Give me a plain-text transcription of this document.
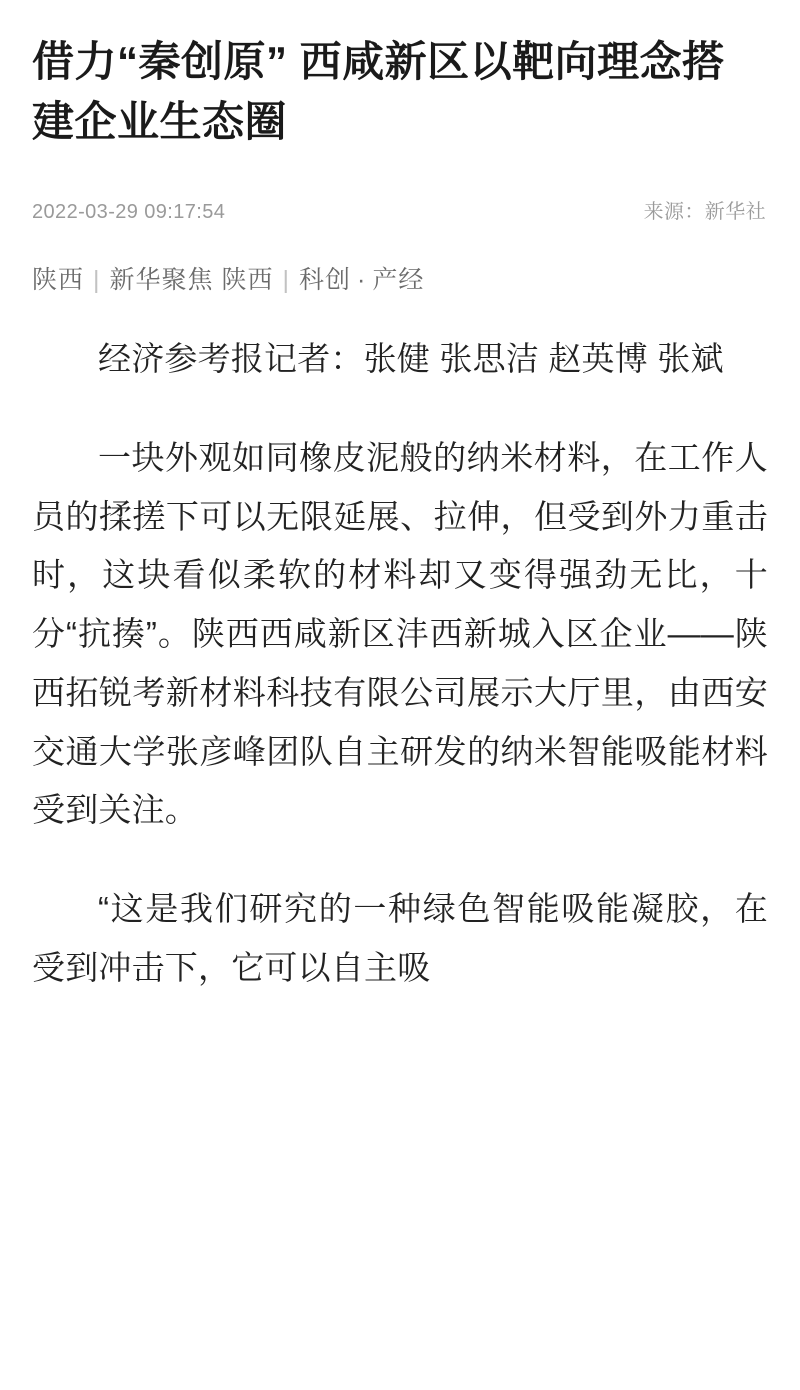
借力“秦创原” 西咸新区以靶向理念搭建企业生态圈
2022-03-29 09:17:54	来源：新华社
陕西 | 新华聚焦 陕西 | 科创 · 产经

经济参考报记者：张健 张思洁 赵英博 张斌

一块外观如同橡皮泥般的纳米材料，在工作人员的揉搓下可以无限延展、拉伸，但受到外力重击时，这块看似柔软的材料却又变得强劲无比，十分“抗揍”。陕西西咸新区沣西新城入区企业——陕西拓锐考新材料科技有限公司展示大厅里，由西安交通大学张彦峰团队自主研发的纳米智能吸能材料受到关注。

“这是我们研究的一种绿色智能吸能凝胶，在受到冲击下，它可以自主吸
